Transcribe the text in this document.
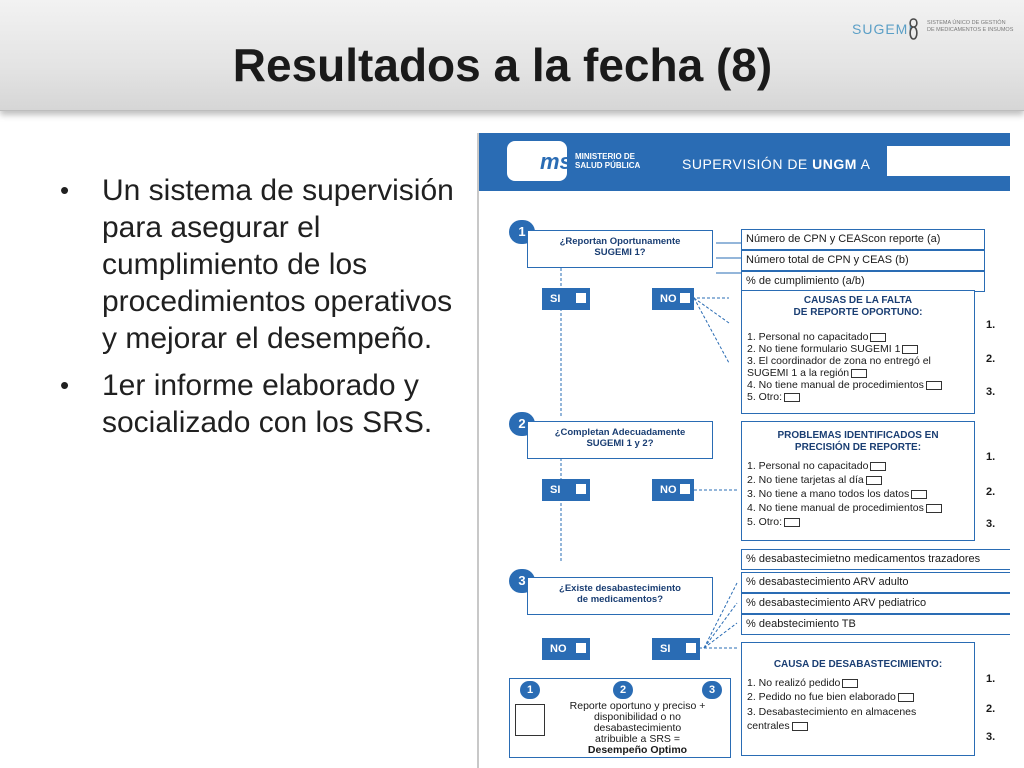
Resultados a la fecha (8)
SUGEMI	SISTEMA ÚNICO DE GESTIÓN
DE MEDICAMENTOS E INSUMOS
• Un sistema de supervisión para asegurar el cumplimiento de los procedimientos operativos y mejorar el desempeño.
• 1er informe elaborado y socializado con los SRS.
msp
MINISTERIO DE
SALUD PÚBLICA	SUPERVISIÓN DE UNGM A
1
¿Reportan Oportunamente
SUGEMI 1?
SI	NO
Número de CPN y CEAScon reporte (a)
Número total de CPN y CEAS (b)
% de cumplimiento (a/b)
CAUSAS DE LA FALTA
DE REPORTE OPORTUNO:
1. Personal no capacitado
2. No tiene formulario SUGEMI 1
3. El coordinador de zona no entregó el
SUGEMI 1 a la región
4. No tiene manual de procedimientos
5. Otro:
1.
2.
3.
2
¿Completan Adecuadamente
SUGEMI 1 y 2?
SI	NO
PROBLEMAS IDENTIFICADOS EN
PRECISIÓN DE REPORTE:
1. Personal no capacitado
2. No tiene tarjetas al día
3. No tiene a mano todos los datos
4. No tiene manual de procedimientos
5. Otro:
1.
2.
3.
3
¿Existe desabastecimiento
de medicamentos?
NO	SI
% desabastecimietno medicamentos trazadores
% desabastecimiento ARV adulto
% desabastecimiento ARV pediatrico
% deabstecimiento TB
CAUSA DE DESABASTECIMIENTO:
1. No realizó pedido
2. Pedido no fue bien elaborado
3. Desabastecimiento en almacenes
centrales
1.
2.
3.
1	2	3
Reporte oportuno y preciso +
disponibilidad o no desabastecimiento
atribuible a SRS =
Desempeño Optimo
